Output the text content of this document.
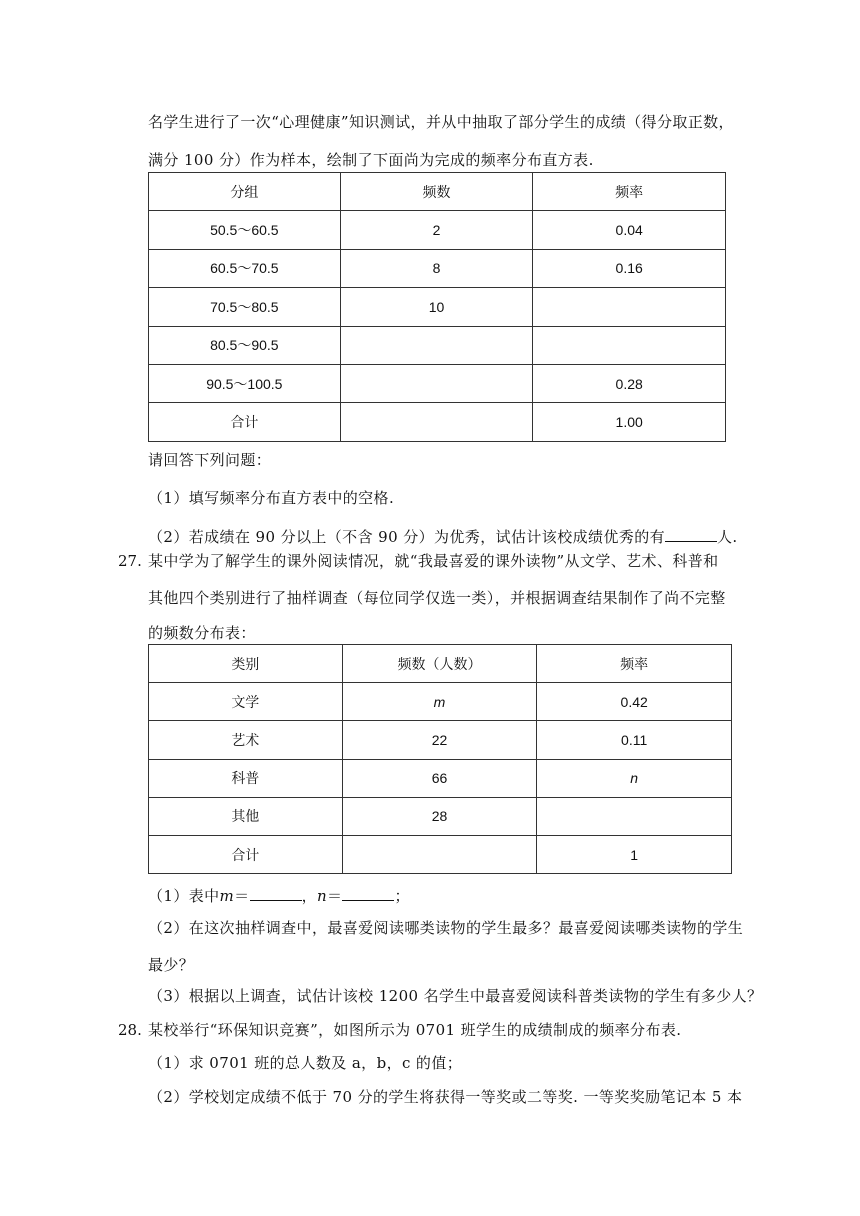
名学生进行了一次“心理健康”知识测试，并从中抽取了部分学生的成绩（得分取正数，
满分 100 分）作为样本，绘制了下面尚为完成的频率分布直方表.
分组	频数	频率
50.5～60.5	2	0.04
60.5～70.5	8	0.16
70.5～80.5	10	
80.5～90.5		
90.5～100.5		0.28
合计		1.00
请回答下列问题：
（1）填写频率分布直方表中的空格.
（2）若成绩在 90 分以上（不含 90 分）为优秀，试估计该校成绩优秀的有	人.
27. 某中学为了解学生的课外阅读情况，就“我最喜爱的课外读物”从文学、艺术、科普和
其他四个类别进行了抽样调查（每位同学仅选一类），并根据调查结果制作了尚不完整
的频数分布表：
类别	频数（人数）	频率
文学	m	0.42
艺术	22	0.11
科普	66	n
其他	28	
合计		1
（1）表中m＝	，n＝	；
（2）在这次抽样调查中，最喜爱阅读哪类读物的学生最多？最喜爱阅读哪类读物的学生
最少？
（3）根据以上调查，试估计该校 1200 名学生中最喜爱阅读科普类读物的学生有多少人？
28. 某校举行“环保知识竞赛”，如图所示为 0701 班学生的成绩制成的频率分布表.
（1）求 0701 班的总人数及 a，b，c 的值；
（2）学校划定成绩不低于 70 分的学生将获得一等奖或二等奖. 一等奖奖励笔记本 5 本
